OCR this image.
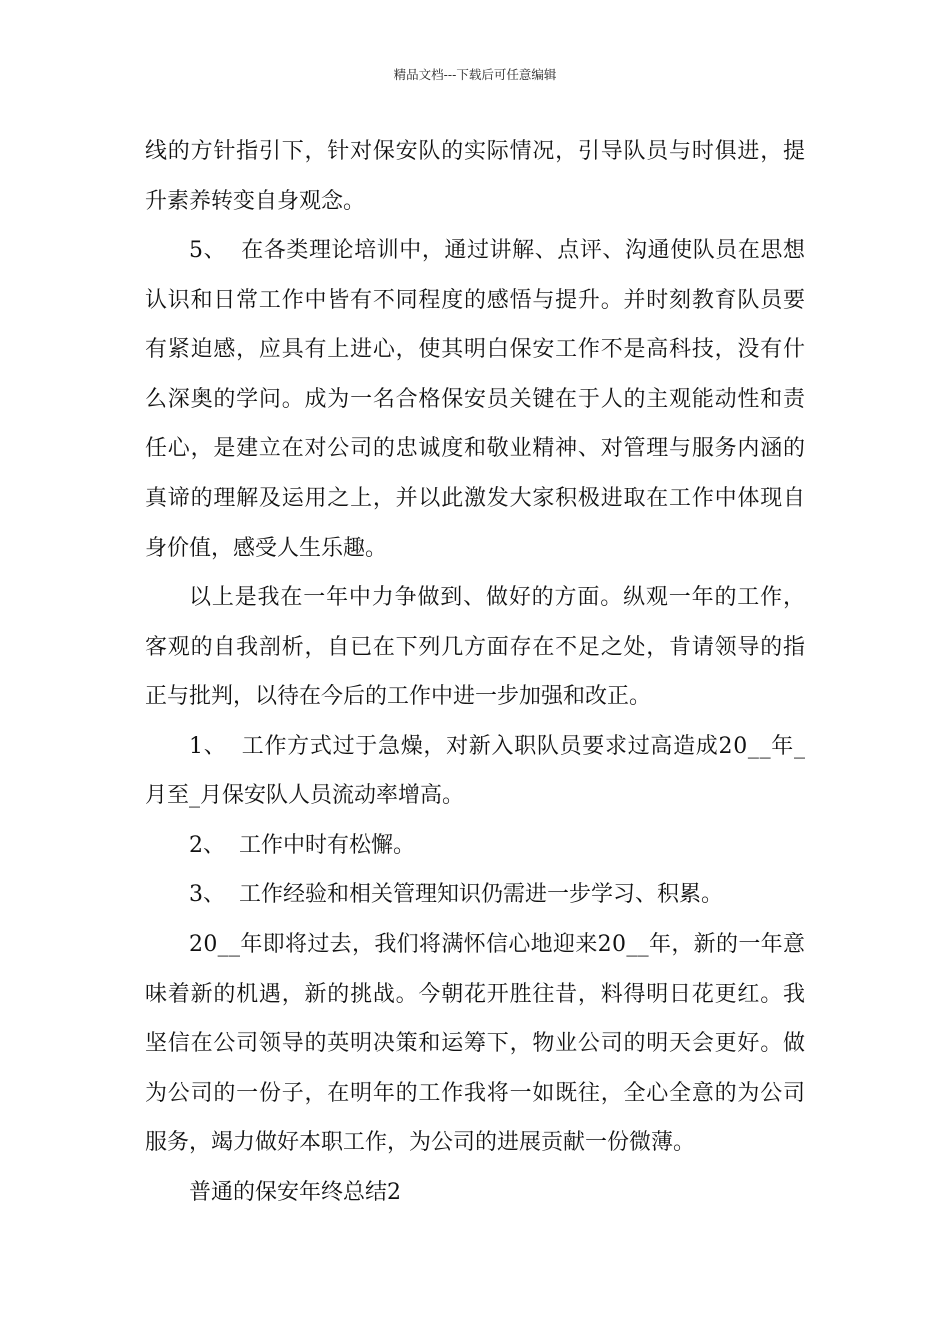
精品文档---下载后可任意编辑
线的方针指引下，针对保安队的实际情况，引导队员与时俱进，提
升素养转变自身观念。
5、  在各类理论培训中，通过讲解、点评、沟通使队员在思想
认识和日常工作中皆有不同程度的感悟与提升。并时刻教育队员要
有紧迫感，应具有上进心，使其明白保安工作不是高科技，没有什
么深奥的学问。成为一名合格保安员关键在于人的主观能动性和责
任心，是建立在对公司的忠诚度和敬业精神、对管理与服务内涵的
真谛的理解及运用之上，并以此激发大家积极进取在工作中体现自
身价值，感受人生乐趣。
以上是我在一年中力争做到、做好的方面。纵观一年的工作，
客观的自我剖析，自已在下列几方面存在不足之处，肯请领导的指
正与批判，以待在今后的工作中进一步加强和改正。
1、  工作方式过于急燥，对新入职队员要求过高造成20__年_
月至_月保安队人员流动率增高。
2、  工作中时有松懈。
3、  工作经验和相关管理知识仍需进一步学习、积累。
20__年即将过去，我们将满怀信心地迎来20__年，新的一年意
味着新的机遇，新的挑战。今朝花开胜往昔，料得明日花更红。我
坚信在公司领导的英明决策和运筹下，物业公司的明天会更好。做
为公司的一份子，在明年的工作我将一如既往，全心全意的为公司
服务，竭力做好本职工作，为公司的进展贡献一份微薄。
普通的保安年终总结2
